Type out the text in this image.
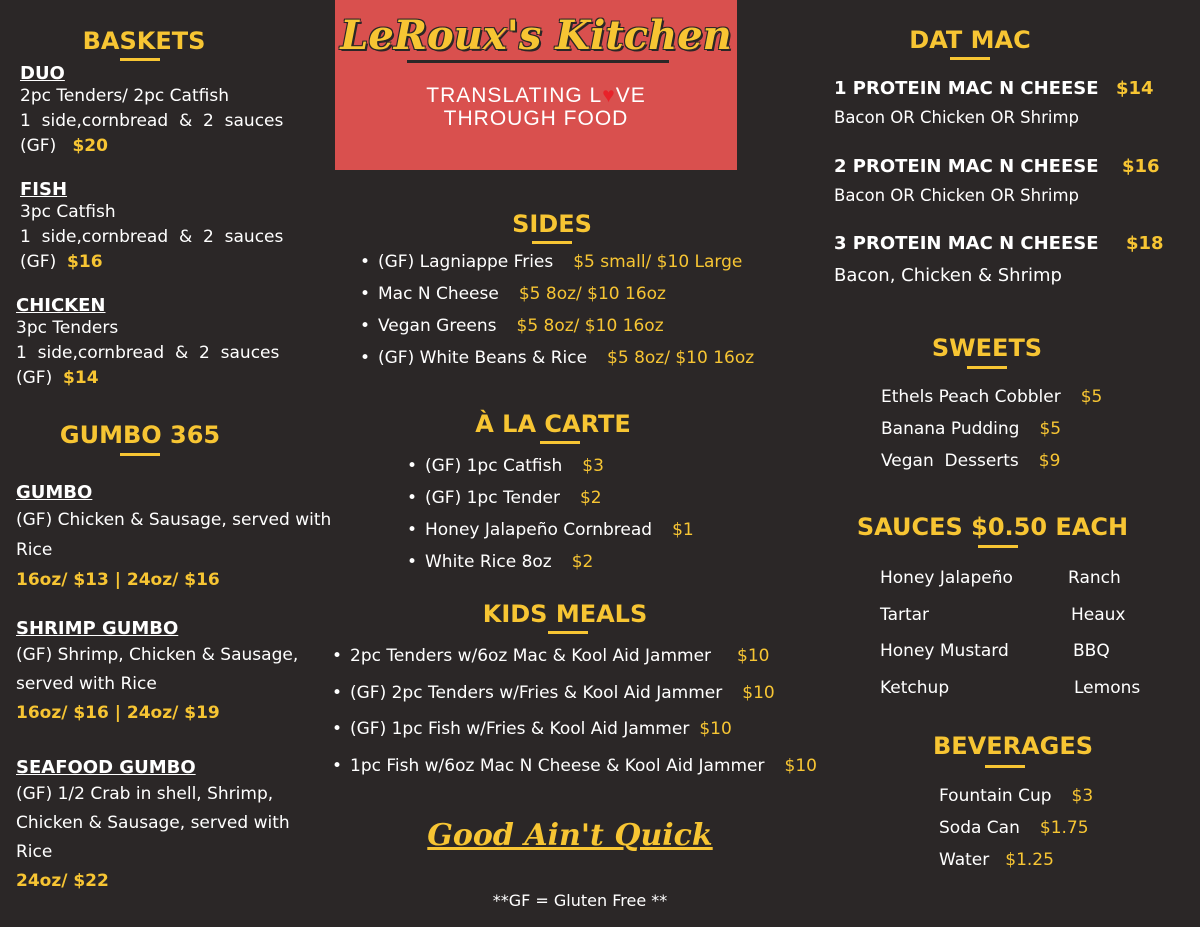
LeRoux's Kitchen
TRANSLATING L♥VE
THROUGH FOOD
BASKETS
DUO
2pc Tenders/ 2pc Catfish
1  side,cornbread  &  2  sauces
(GF) $20
FISH
3pc Catfish
1  side,cornbread  &  2  sauces
(GF) $16
CHICKEN
3pc Tenders
1  side,cornbread  &  2  sauces
(GF) $14
GUMBO 365
GUMBO
(GF) Chicken & Sausage, served with
Rice
16oz/ $13 | 24oz/ $16
SHRIMP GUMBO
(GF) Shrimp, Chicken & Sausage,
served with Rice
16oz/ $16 | 24oz/ $19
SEAFOOD GUMBO
(GF) 1/2 Crab in shell, Shrimp,
Chicken & Sausage, served with
Rice
24oz/ $22
SIDES
• (GF) Lagniappe Fries $5 small/ $10 Large
• Mac N Cheese $5 8oz/ $10 16oz
• Vegan Greens $5 8oz/ $10 16oz
• (GF) White Beans & Rice $5 8oz/ $10 16oz
À LA CARTE
• (GF) 1pc Catfish $3
• (GF) 1pc Tender $2
• Honey Jalapeño Cornbread $1
• White Rice 8oz $2
KIDS MEALS
• 2pc Tenders w/6oz Mac & Kool Aid Jammer $10
• (GF) 2pc Tenders w/Fries & Kool Aid Jammer $10
• (GF) 1pc Fish w/Fries & Kool Aid Jammer $10
• 1pc Fish w/6oz Mac N Cheese & Kool Aid Jammer $10
Good Ain't Quick
**GF = Gluten Free **
DAT MAC
1 PROTEIN MAC N CHEESE $14
Bacon OR Chicken OR Shrimp
2 PROTEIN MAC N CHEESE $16
Bacon OR Chicken OR Shrimp
3 PROTEIN MAC N CHEESE $18
Bacon, Chicken & Shrimp
SWEETS
Ethels Peach Cobbler $5
Banana Pudding $5
Vegan  Desserts $9
SAUCES $0.50 EACH
Honey Jalapeño
Tartar
Honey Mustard
Ketchup
Ranch
Heaux
BBQ
Lemons
BEVERAGES
Fountain Cup $3
Soda Can $1.75
Water $1.25
